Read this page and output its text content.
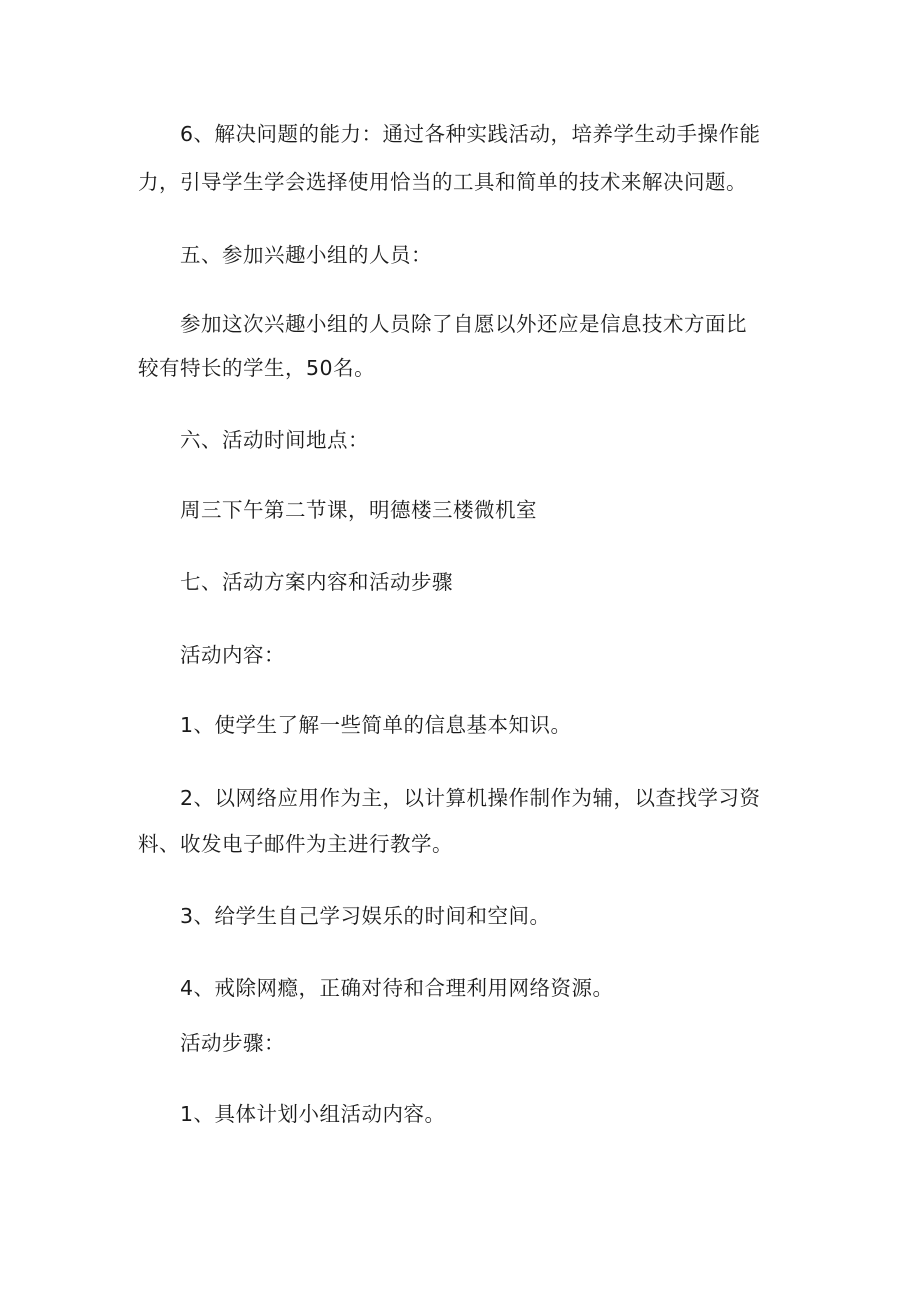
6、解决问题的能力：通过各种实践活动，培养学生动手操作能
力，引导学生学会选择使用恰当的工具和简单的技术来解决问题。
五、参加兴趣小组的人员：
参加这次兴趣小组的人员除了自愿以外还应是信息技术方面比
较有特长的学生，50名。
六、活动时间地点：
周三下午第二节课，明德楼三楼微机室
七、活动方案内容和活动步骤
活动内容：
1、使学生了解一些简单的信息基本知识。
2、以网络应用作为主，以计算机操作制作为辅，以查找学习资
料、收发电子邮件为主进行教学。
3、给学生自己学习娱乐的时间和空间。
4、戒除网瘾，正确对待和合理利用网络资源。
活动步骤：
1、具体计划小组活动内容。
